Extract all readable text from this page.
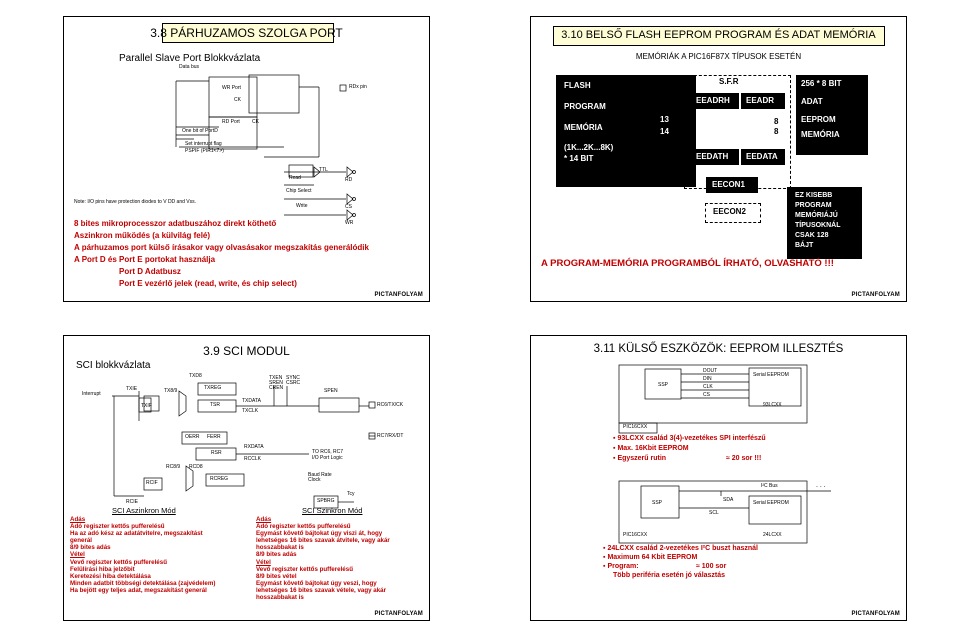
3.8 PÁRHUZAMOS SZOLGA PORT
Parallel Slave Port Blokkvázlata
Data bus
WR Port
CK
RD Port CK
One bit of PortD
Set interrupt flag
PSPIF (PIR1<7>)
RDx pin
Read
Chip Select
Write
TTL
RD
CS
WR
Note: I/O pins have protection diodes to V DD and Vss.
8 bites mikroprocesszor adatbuszához direkt köthető
Aszinkron működés (a külvilág felé)
A párhuzamos port külső írásakor vagy olvasásakor megszakítás generálódik
A Port D és Port E portokat használja
Port D Adatbusz
Port E vezérlő jelek (read, write, és chip select)
PICTANFOLYAM
3.10 BELSŐ FLASH EEPROM PROGRAM ÉS ADAT MEMÓRIA
MEMÓRIÁK A PIC16F87X TÍPUSOK ESETÉN
FLASH
PROGRAM
MEMÓRIA
(1K...2K...8K)
* 14 BIT
13
14
S.F.R
EEADRH EEADR
EEDATH EEDATA
8
8
256 * 8 BIT
ADAT
EEPROM
MEMÓRIA
EECON1
EECON2
EZ KISEBB
PROGRAM
MEMÓRIÁJÚ
TÍPUSOKNÁL
CSAK 128
BÁJT
A PROGRAM-MEMÓRIA PROGRAMBÓL ÍRHATÓ, OLVASHATÓ !!!
PICTANFOLYAM
3.9 SCI MODUL
SCI blokkvázlata
Interrupt
TXIE
TXIF
TX8/9
TXD8
TXREG
TSR
TXDATA
TXCLK
TXEN
SREN
CREN
SYNC
CSRC
SPEN
RC6/TX/CK
RC7/RX/DT
OERR FERR
RSR
RXDATA
RCCLK
TO RC6, RC7
I/O Port Logic
RC8/9 RCD8
RCREG
RCIF
RCIE
Baud Rate
Clock
SPBRG
Tcy
SCI Aszinkron Mód	SCI Szinkron Mód
Adás
Adó regiszter kettős pufferelésű
Ha az adó kész az adatátvitelre, megszakítást
generál
8/9 bites adás
Vétel
Vevő regiszter kettős pufferelésű
Felülírási hiba jelzőbit
Keretezési hiba detektálása
Minden adatbit többségi detektálása (zajvédelem)
Ha bejött egy teljes adat, megszakítást generál
Adás
Adó regiszter kettős pufferelésű
Egymást követő bájtokat úgy viszi át, hogy
lehetséges 16 bites szavak átvitele, vagy akár
hosszabbakat is
8/9 bites adás
Vétel
Vevő regiszter kettős pufferelésű
8/9 bites vétel
Egymást követő bájtokat úgy veszi, hogy
lehetséges 16 bites szavak vétele, vagy akár
hosszabbakat is
PICTANFOLYAM
3.11 KÜLSŐ ESZKÖZÖK: EEPROM ILLESZTÉS
SSP
DOUT
DIN
CLK
CS
Serial EEPROM
93LCXX
PIC16CXX
▪ 93LCXX család 3(4)-vezetékes SPI interfészű
▪ Max. 16Kbit EEPROM
▪ Egyszerű rutin	≈ 20 sor !!!
SSP
I²C Bus	. . .
SDA
SCL
Serial EEPROM
24LCXX
PIC16CXX
▪ 24LCXX család 2-vezetékes I²C buszt használ
▪ Maximum 64 Kbit EEPROM
▪ Program:	≈ 100 sor
Több periféria esetén jó választás
PICTANFOLYAM
